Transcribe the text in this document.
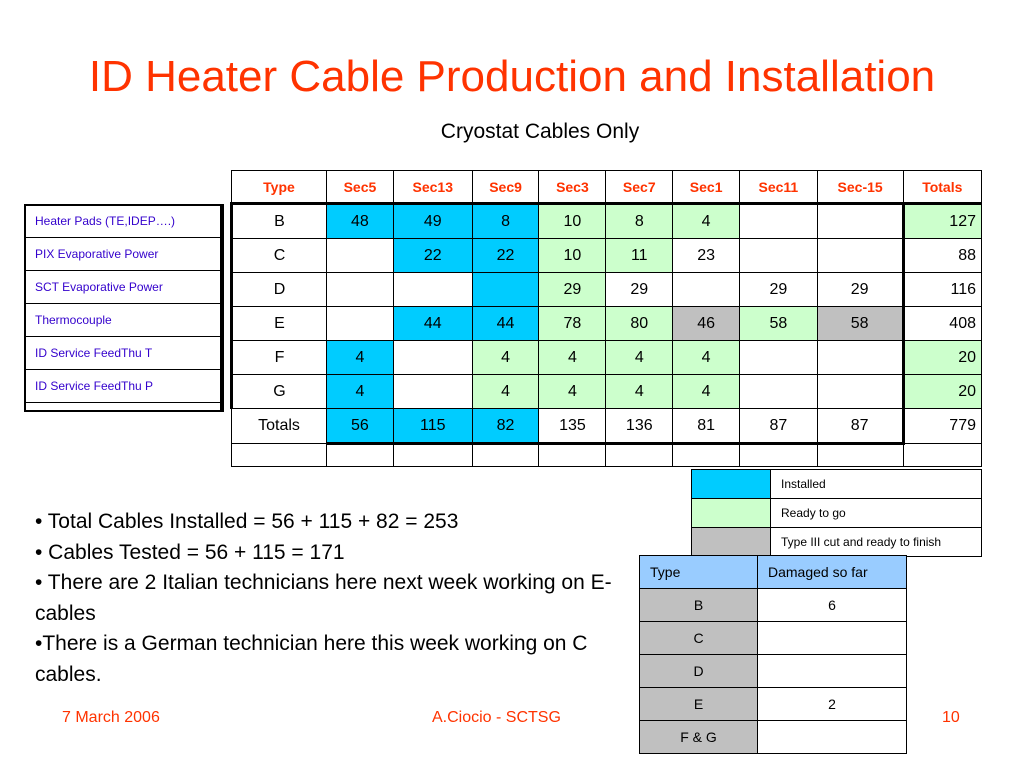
ID Heater Cable Production and Installation
Cryostat Cables Only
Heater Pads (TE,IDEP….)
PIX Evaporative Power
SCT Evaporative Power
Thermocouple
ID Service FeedThu T
ID Service FeedThu P
Type	Sec5	Sec13	Sec9	Sec3	Sec7	Sec1	Sec11	Sec-15	Totals
B	48	49	8	10	8	4			127
C		22	22	10	11	23			88
D				29	29		29	29	116
E		44	44	78	80	46	58	58	408
F	4		4	4	4	4			20
G	4		4	4	4	4			20
Totals	56	115	82	135	136	81	87	87	779

	Installed
	Ready to go
	Type III cut and ready to finish
Type	Damaged so far
B	6
C	
D	
E	2
F & G	

• Total Cables Installed = 56 + 115 + 82 = 253

• Cables Tested = 56 + 115 = 171

• There are 2 Italian technicians here next week working on E-cables

•There is a German technician here this week working on C cables.

7 March 2006	A.Ciocio - SCTSG	10
